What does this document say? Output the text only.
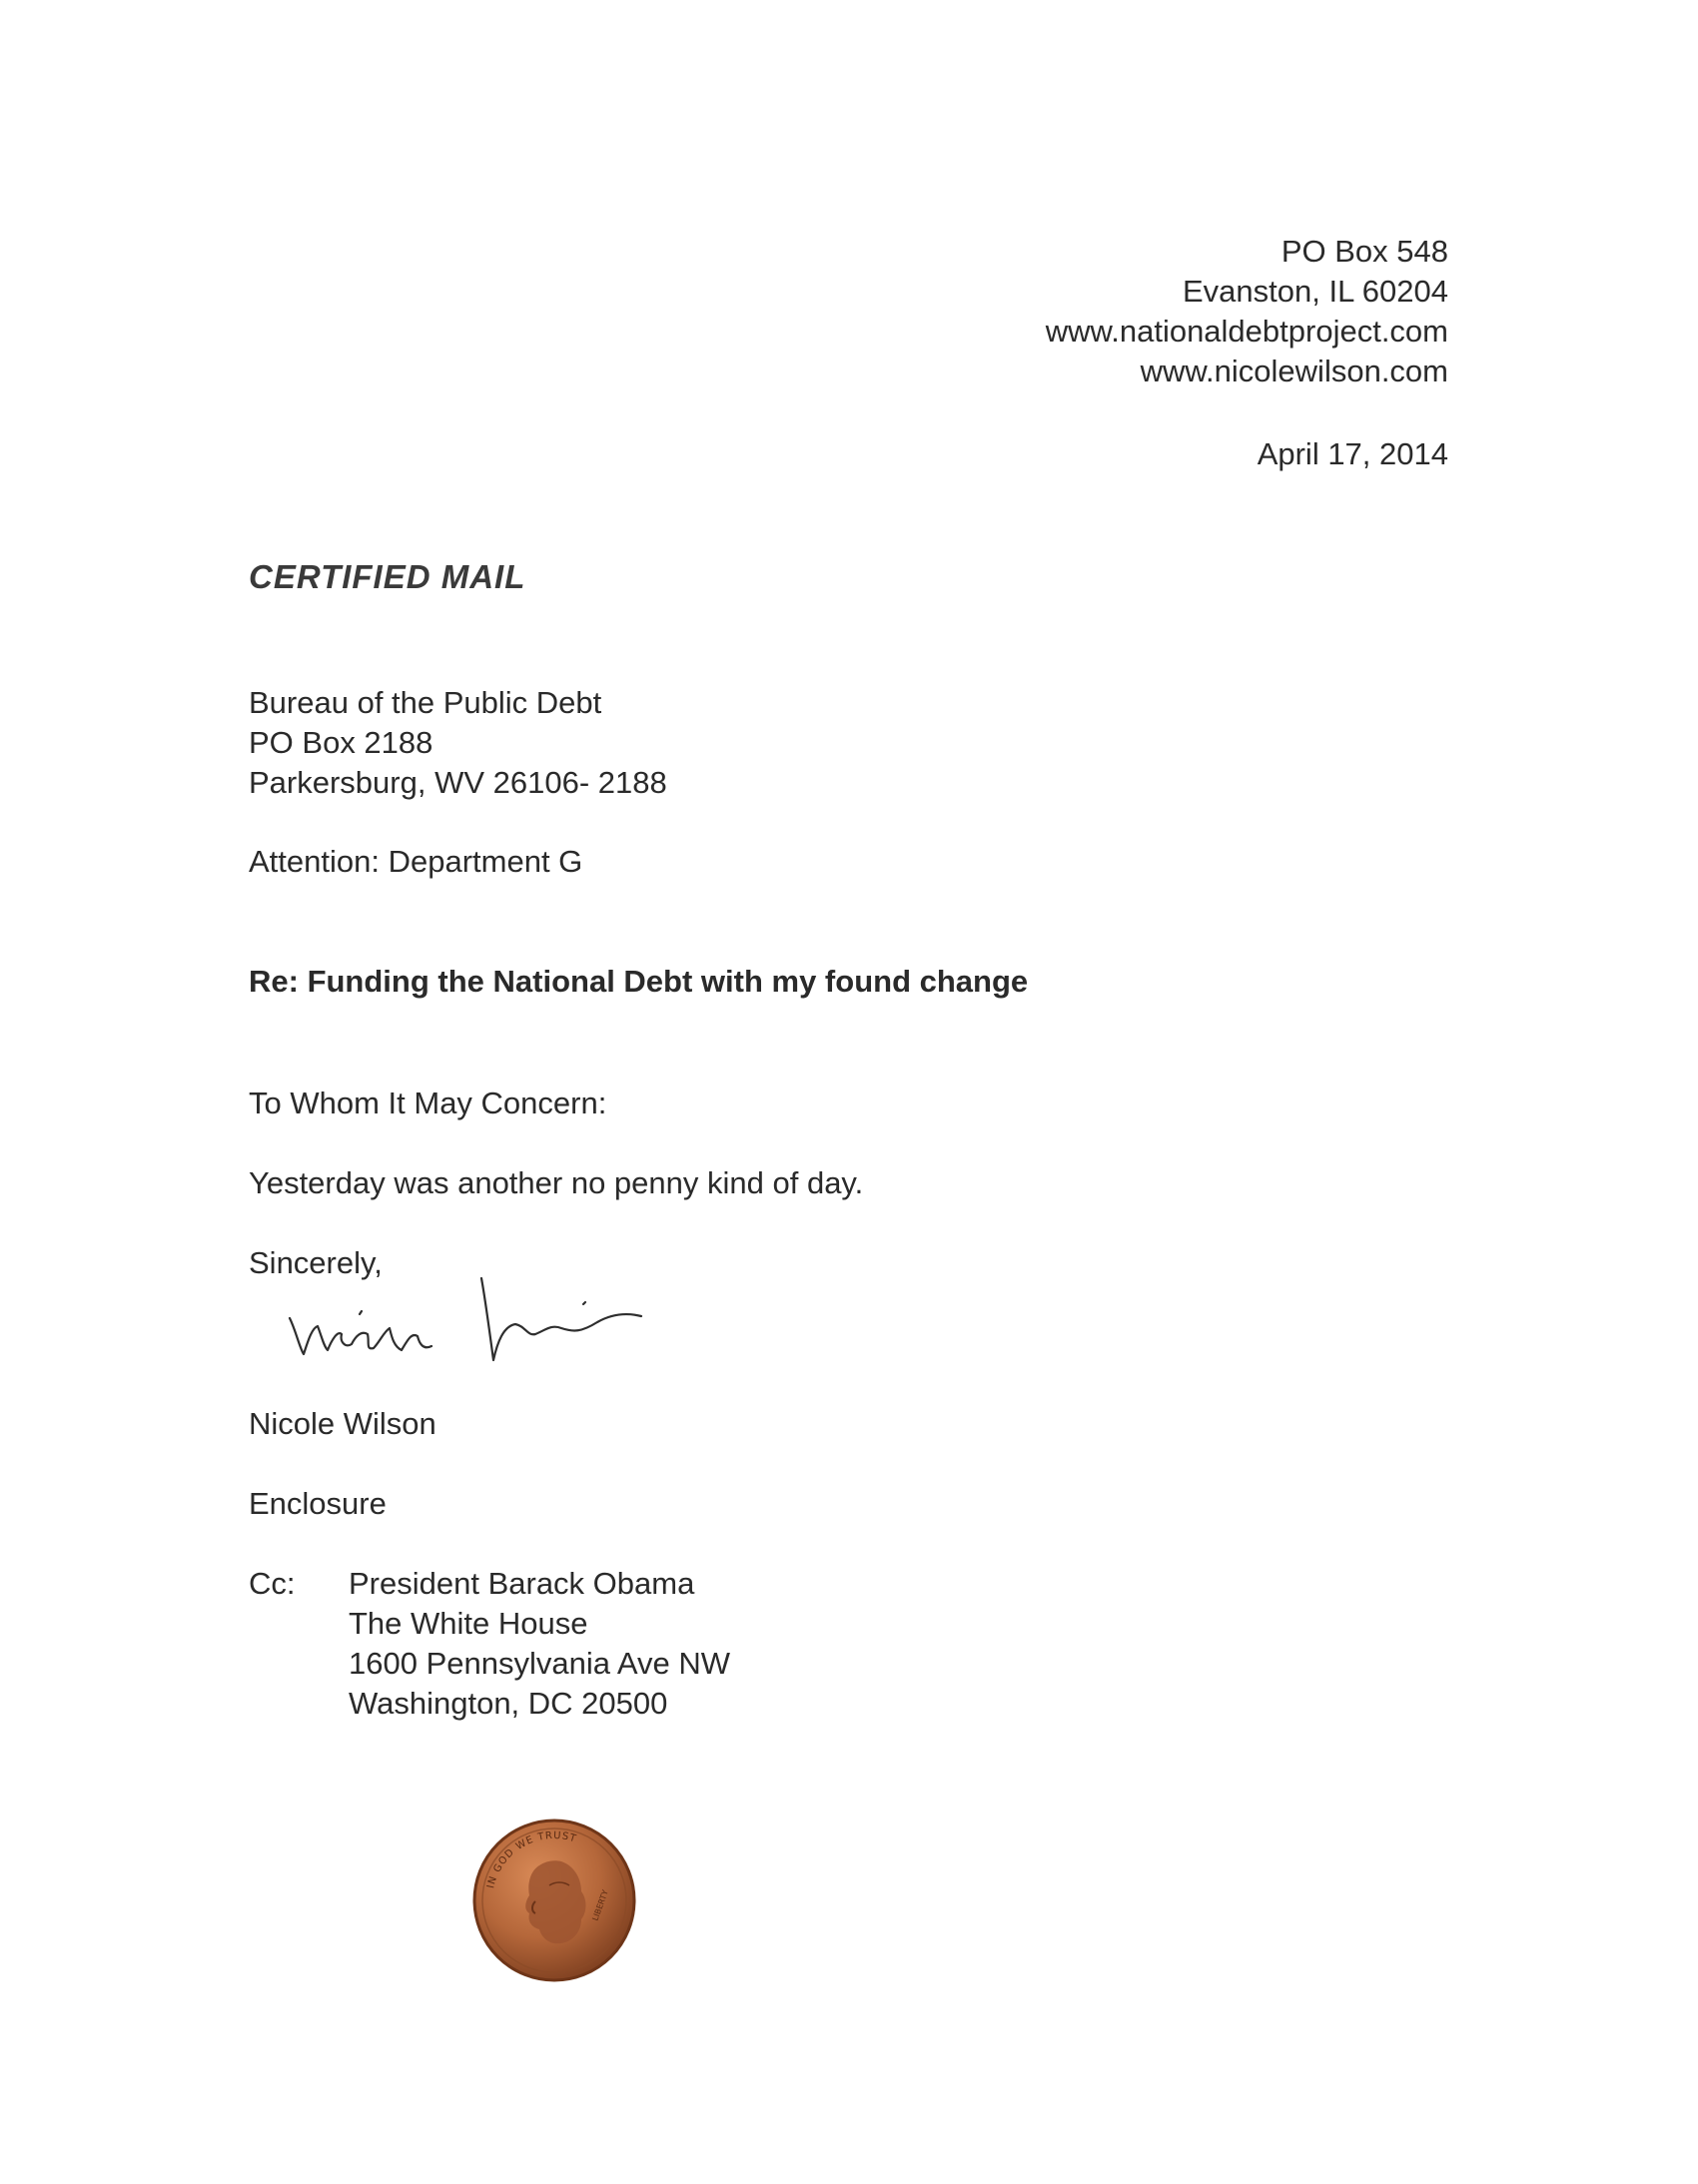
PO Box 548
Evanston, IL 60204
www.nationaldebtproject.com
www.nicolewilson.com
April 17, 2014
CERTIFIED MAIL
Bureau of the Public Debt
PO Box 2188
Parkersburg, WV 26106- 2188
Attention: Department G
Re: Funding the National Debt with my found change
To Whom It May Concern:
Yesterday was another no penny kind of day.
Sincerely,
Nicole Wilson
Enclosure
Cc:	President Barack Obama
The White House
1600 Pennsylvania Ave NW
Washington, DC 20500
IN GOD WE TRUST
LIBERTY
